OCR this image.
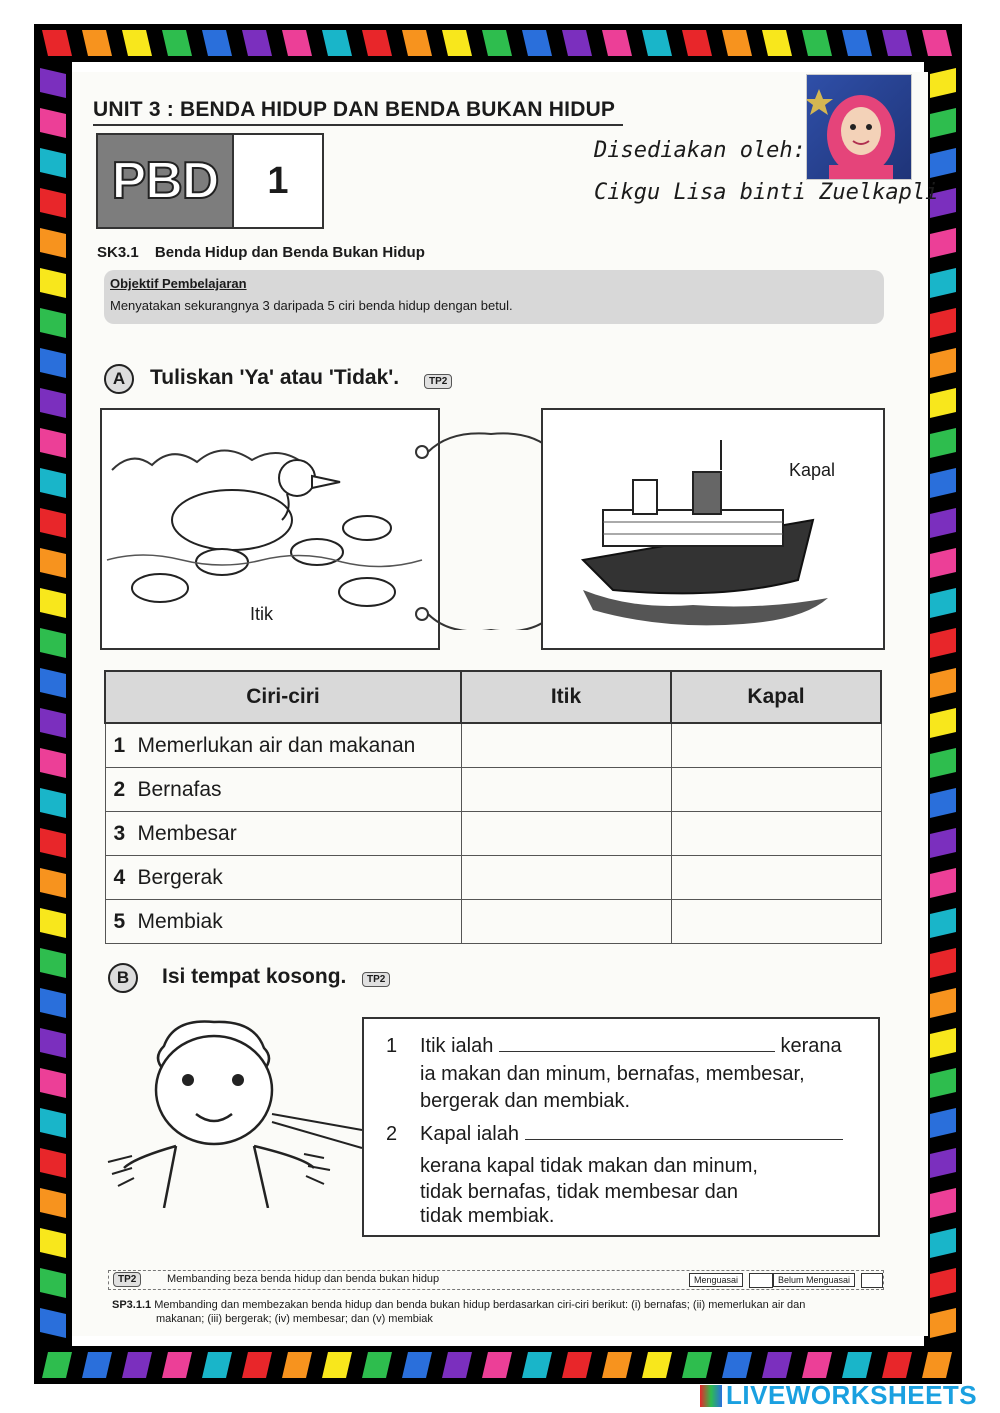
UNIT 3 : BENDA HIDUP DAN BENDA BUKAN HIDUP
PBD	1
Disediakan oleh:
Cikgu Lisa binti Zuelkapli
SK3.1 Benda Hidup dan Benda Bukan Hidup
Objektif Pembelajaran
Menyatakan sekurangnya 3 daripada 5 ciri benda hidup dengan betul.
A	Tuliskan 'Ya' atau 'Tidak'.	TP2
Itik
Kapal
Ciri-ciri	Itik	Kapal
1 Memerlukan air dan makanan		
2 Bernafas		
3 Membesar		
4 Bergerak		
5 Membiak		
B	Isi tempat kosong.	TP2

1 Itik ialah	kerana

ia makan dan minum, bernafas, membesar,

bergerak dan membiak.

2 Kapal ialah

kerana kapal tidak makan dan minum,

tidak bernafas, tidak membesar dan

tidak membiak.

TP2	Membanding beza benda hidup dan benda bukan hidup	Menguasai	Belum Menguasai
SP3.1.1 Membanding dan membezakan benda hidup dan benda bukan hidup berdasarkan ciri-ciri berikut: (i) bernafas; (ii) memerlukan air dan
makanan; (iii) bergerak; (iv) membesar; dan (v) membiak
LIVEWORKSHEETS
